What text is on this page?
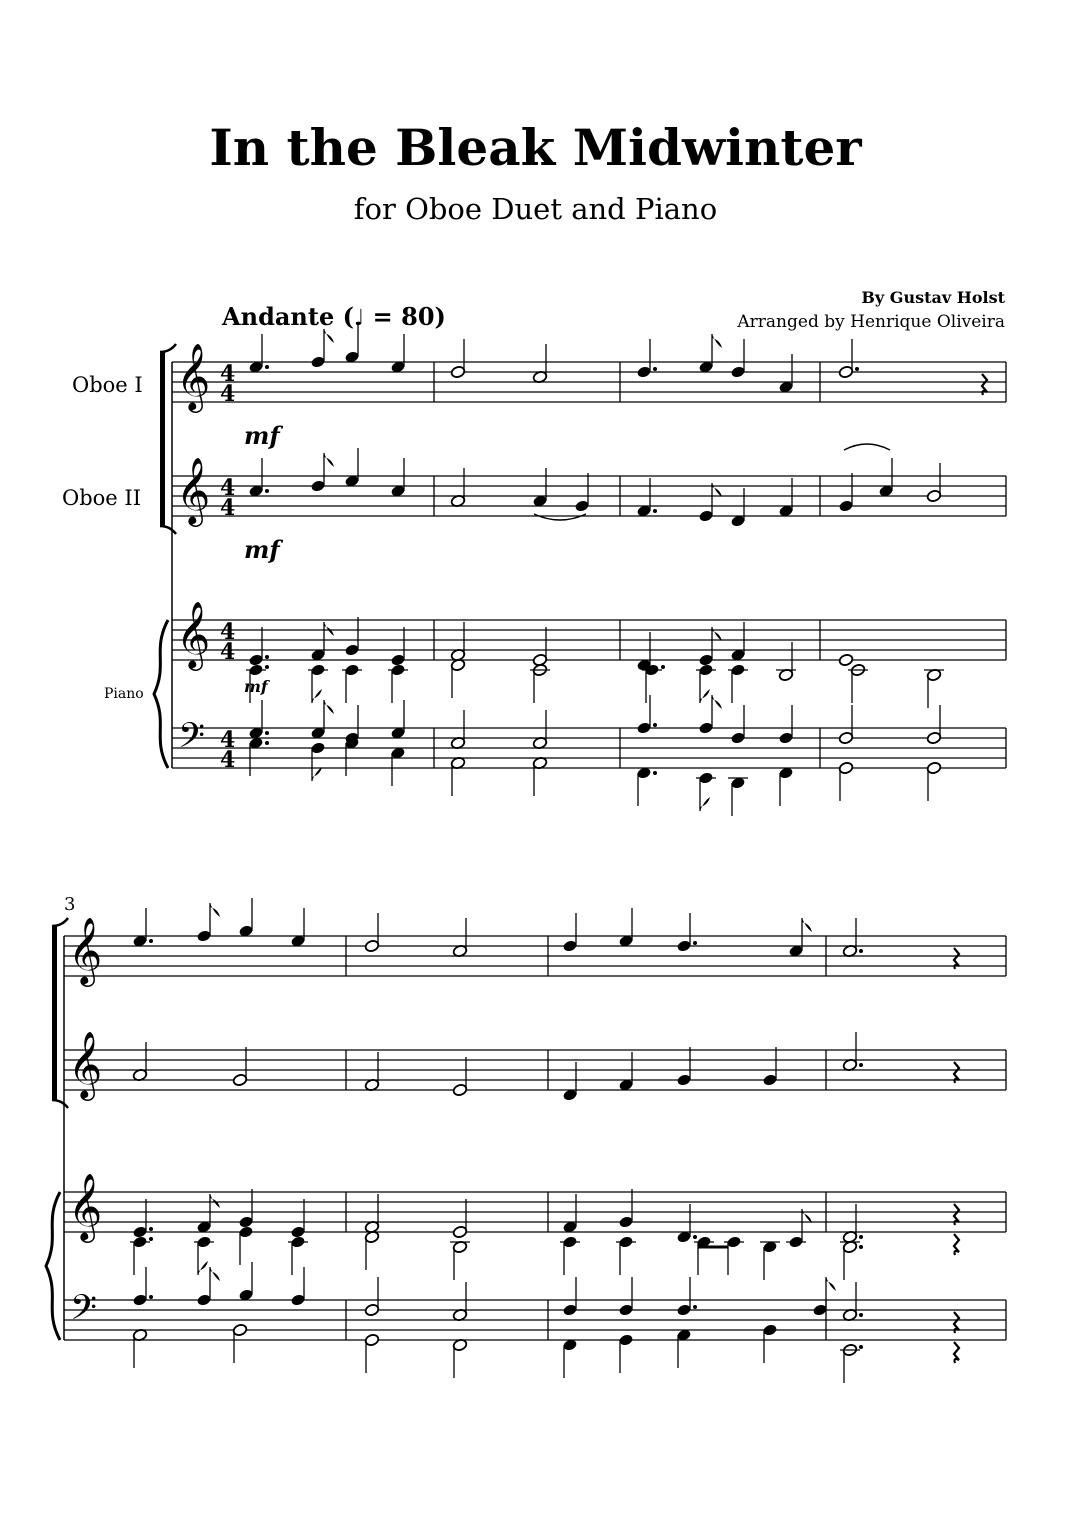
In the Bleak Midwinter
for Oboe Duet and Piano
By Gustav Holst
Arranged by Henrique Oliveira
Andante (♩ = 80)
Oboe I
Oboe II
Piano
𝄞 4
4
𝄞 4
4
𝄞 4
4
𝄢 4
4
𝄞
𝄞
𝄞
𝄢
3
mf
mf
mf
